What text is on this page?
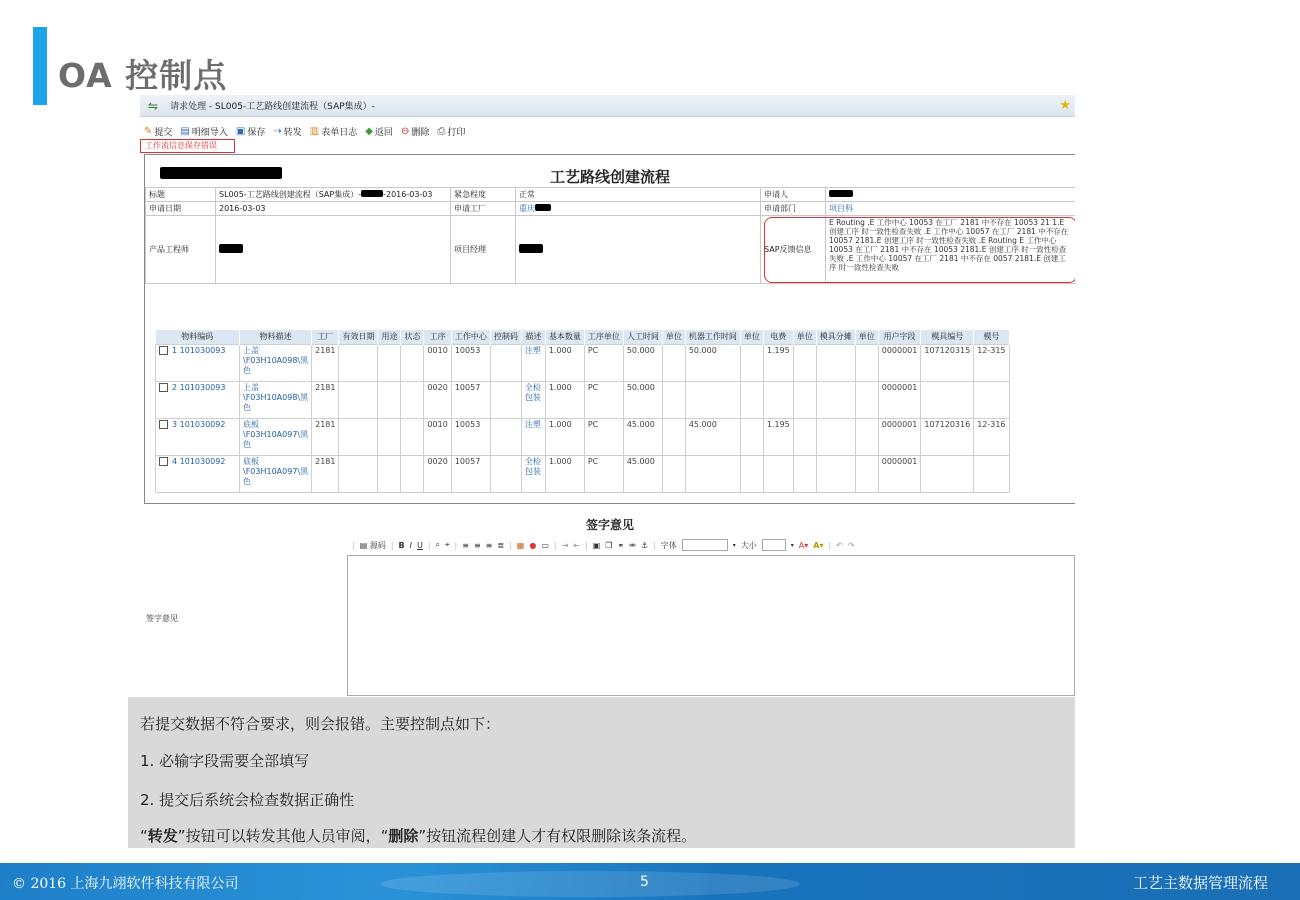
OA 控制点
⇋ 请求处理 - SL005-工艺路线创建流程（SAP集成）-	★
✎ 提交 ▤ 明细导入 ▣ 保存 ⇢ 转发 ▥ 表单日志 ◆ 返回 ⊖ 删除 ⎙ 打印
工作流信息保存错误
工艺路线创建流程
标题	SL005-工艺路线创建流程（SAP集成）- -2016-03-03	紧急程度	正常	申请人	
申请日期	2016-03-03	申请工厂	重庆	申请部门	项目科
产品工程师		项目经理		SAP反馈信息	E Routing .E 工作中心 10053 在工厂 2181 中不存在 10053 21 1.E 创建工序 时一致性检查失败 .E 工作中心 10057 在工厂 2181 中不存在 10057 2181.E 创建工序 时一致性检查失败 .E Routing E 工作中心 10053 在工厂 2181 中不存在 10053 2181.E 创建工序 时一致性检查失败 .E 工作中心 10057 在工厂 2181 中不存在 0057 2181.E 创建工序 时一致性检查失败
物料编码	物料描述	工厂	有效日期	用途	状态	工序	工作中心	控制码	描述	基本数量	工序单位	人工时间	单位	机器工作时间	单位	电费	单位	模具分摊	单位	用户字段	模具编号	模号
1 101030093	上盖\F03H10A098\黑色	2181				0010	10053		注塑	1.000	PC	50.000		50.000		1.195				0000001	107120315	12-315
2 101030093	上盖\F03H10A098\黑色	2181				0020	10057		全检包装	1.000	PC	50.000								0000001		
3 101030092	底板\F03H10A097\黑色	2181				0010	10053		注塑	1.000	PC	45.000		45.000		1.195				0000001	107120316	12-316
4 101030092	底板\F03H10A097\黑色	2181				0020	10057		全检包装	1.000	PC	45.000								0000001		
签字意见
| ▤ 源码 | B I U | ⌕ ⌖ | ≡ ≡ ≡ ≣ | ▦ ● ▭ | ⇥ ⇤ | ▣ ❐ ⚭ ⚮ ⚓ | 字体	▾ 大小	▾ A▾ A▾ | ↶ ↷
签字意见
若提交数据不符合要求，则会报错。主要控制点如下：
1. 必输字段需要全部填写
2. 提交后系统会检查数据正确性
“转发”按钮可以转发其他人员审阅，“删除”按钮流程创建人才有权限删除该条流程。
© 2016 上海九翊软件科技有限公司	5	工艺主数据管理流程
